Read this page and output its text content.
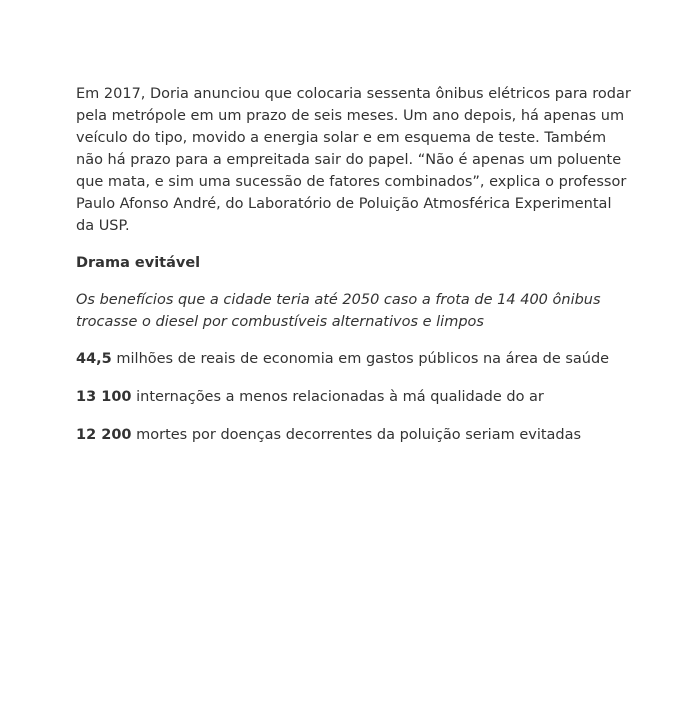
Em 2017, Doria anunciou que colocaria sessenta ônibus elétricos para rodar pela metrópole em um prazo de seis meses. Um ano depois, há apenas um veículo do tipo, movido a energia solar e em esquema de teste. Também não há prazo para a empreitada sair do papel. “Não é apenas um poluente que mata, e sim uma sucessão de fatores combinados”, explica o professor Paulo Afonso André, do Laboratório de Poluição Atmosférica Experimental da USP.

Drama evitável

Os benefícios que a cidade teria até 2050 caso a frota de 14 400 ônibus trocasse o diesel por combustíveis alternativos e limpos

44,5 milhões de reais de economia em gastos públicos na área de saúde

13 100 internações a menos relacionadas à má qualidade do ar

12 200 mortes por doenças decorrentes da poluição seriam evitadas
